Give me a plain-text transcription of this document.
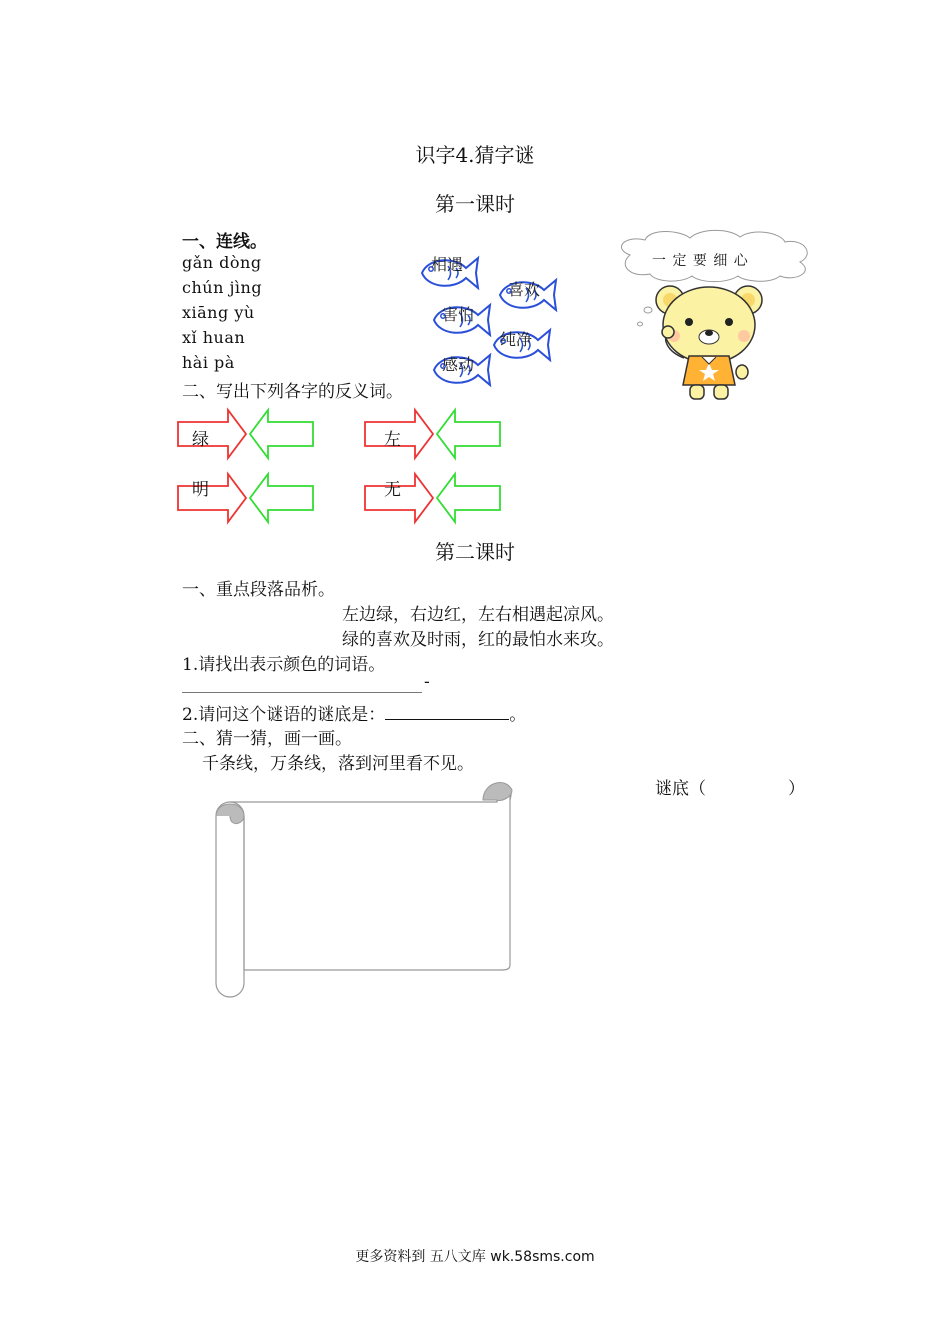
识字4.猜字谜
第一课时
一、连线。
gǎn dòng
chún jìng
xiāng yù
xǐ huan
hài pà
相遇
喜欢
害怕
纯净
感动
一 定 要 细 心
二、写出下列各字的反义词。
绿	左
明	无
第二课时
一、重点段落品析。
左边绿，右边红，左右相遇起凉风。
绿的喜欢及时雨，红的最怕水来攻。
1.请找出表示颜色的词语。
-
2.请问这个谜语的谜底是：	。
二、猜一猜，画一画。
千条线，万条线，落到河里看不见。
谜底（	）
更多资料到 五八文库 wk.58sms.com
